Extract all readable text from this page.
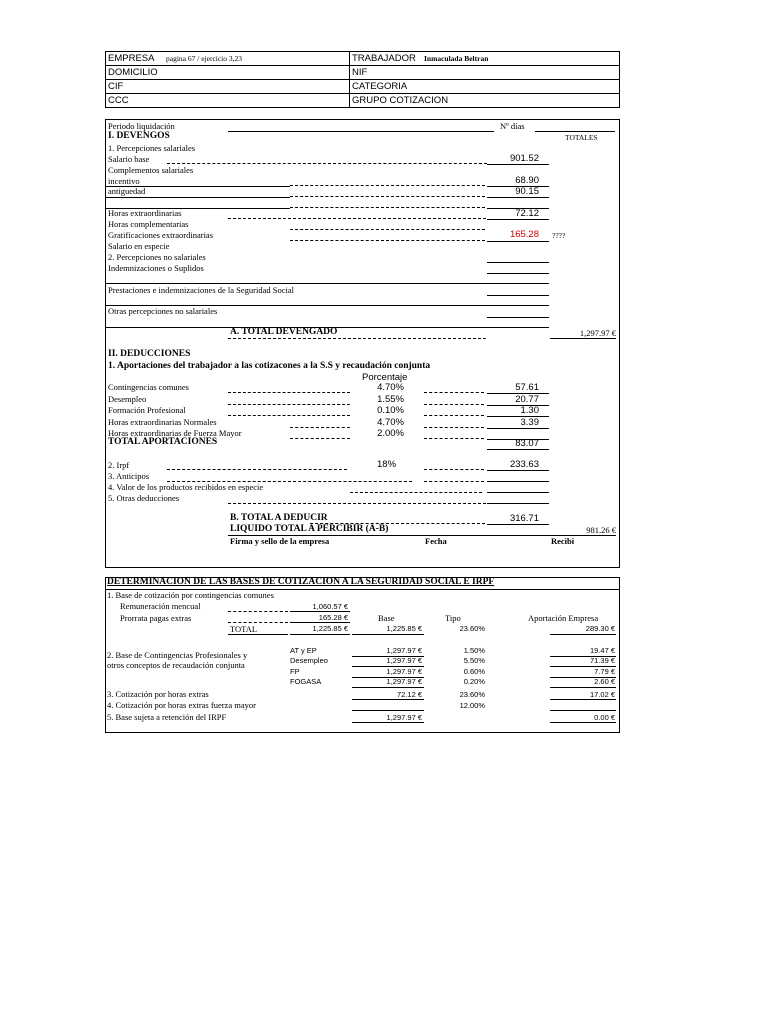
EMPRESA pagina 67 / ejercicio 3,23	TRABAJADOR Inmaculada Beltran
DOMICILIO	NIF
CIF	CATEGORIA
CCC	GRUPO COTIZACION
Periodo liquidación	Nº días
I. DEVENGOS	TOTALES
1. Percepciones salariales
Salario base	901.52
Complementos salariales
incentivo	68.90
antiguedad	90.15
Horas extraordinarias	72.12
Horas complementarias
Gratificaciones extraordinarias	165.28 ????
Salario en especie
2. Percepciones no salariales
Indemnizaciones o Suplidos
Prestaciones e indemnizaciones de la Seguridad Social
Otras percepciones no salariales
A. TOTAL DEVENGADO	1,297.97 €
II. DEDUCCIONES
1. Aportaciones del trabajador a las cotizacones a la S.S y recaudación conjunta
Porcentaje
Contingencias comunes	4.70%	57.61
Desempleo	1.55%	20.77
Formación Profesional	0.10%	1.30
Horas extraordinarias Normales	4.70%	3.39
Horas extraordinarias de Fuerza Mayor	2.00%
TOTAL APORTACIONES	83.07
2. Irpf	18%	233.63
3. Anticipos
4. Valor de los productos recibidos en especie
5. Otras deducciones
B. TOTAL A DEDUCIR	316.71
LIQUIDO TOTAL A PERCIBIR (A-B)	981.26 €
Firma y sello de la empresa	Fecha	Recibi
DETERMINACION DE LAS BASES DE COTIZACION A LA SEGURIDAD SOCIAL E IRPF
1. Base de cotización por contingencias comunes
Remuneración mencual	1,060.57 €
Prorrata pagas extras	165.28 €	Base	Tipo	Aportación Empresa
TOTAL	1,225.85 €	1,225.85 €	23.60%	289.30 €
2. Base de Contingencias Profesionales y
otros conceptos de recaudación conjunta
AT y EP	1,297.97 €	1.50%	19.47 €
Desempleo	1,297.97 €	5.50%	71.39 €
FP	1,297.97 €	0.60%	7.79 €
FOGASA	1,297.97 €	0.20%	2.60 €
3. Cotización por horas extras	72.12 €	23.60%	17.02 €
4. Cotización por horas extras fuerza mayor	12.00%
5. Base sujeta a retención del IRPF	1,297.97 €	0.00 €
